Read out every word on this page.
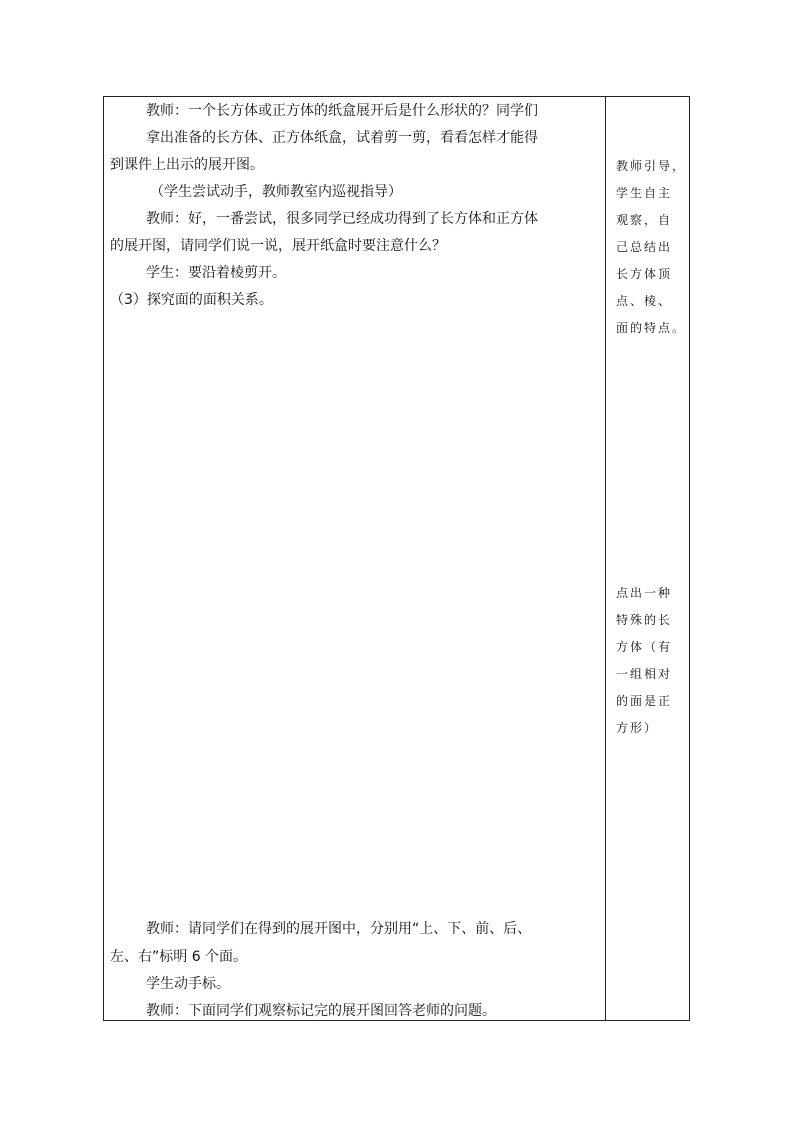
教师：一个长方体或正方体的纸盒展开后是什么形状的？同学们
拿出准备的长方体、正方体纸盒，试着剪一剪，看看怎样才能得
到课件上出示的展开图。
（学生尝试动手，教师教室内巡视指导）
教师：好，一番尝试，很多同学已经成功得到了长方体和正方体
的展开图，请同学们说一说，展开纸盒时要注意什么？
学生：要沿着棱剪开。
（3）探究面的面积关系。
教师：请同学们在得到的展开图中，分别用“上、下、前、后、
左、右”标明 6 个面。
学生动手标。
教师：下面同学们观察标记完的展开图回答老师的问题。
教师引导，
学生自主
观察，自
己总结出
长方体顶
点、棱、
面的特点。
点出一种
特殊的长
方体（有
一组相对
的面是正
方形）
